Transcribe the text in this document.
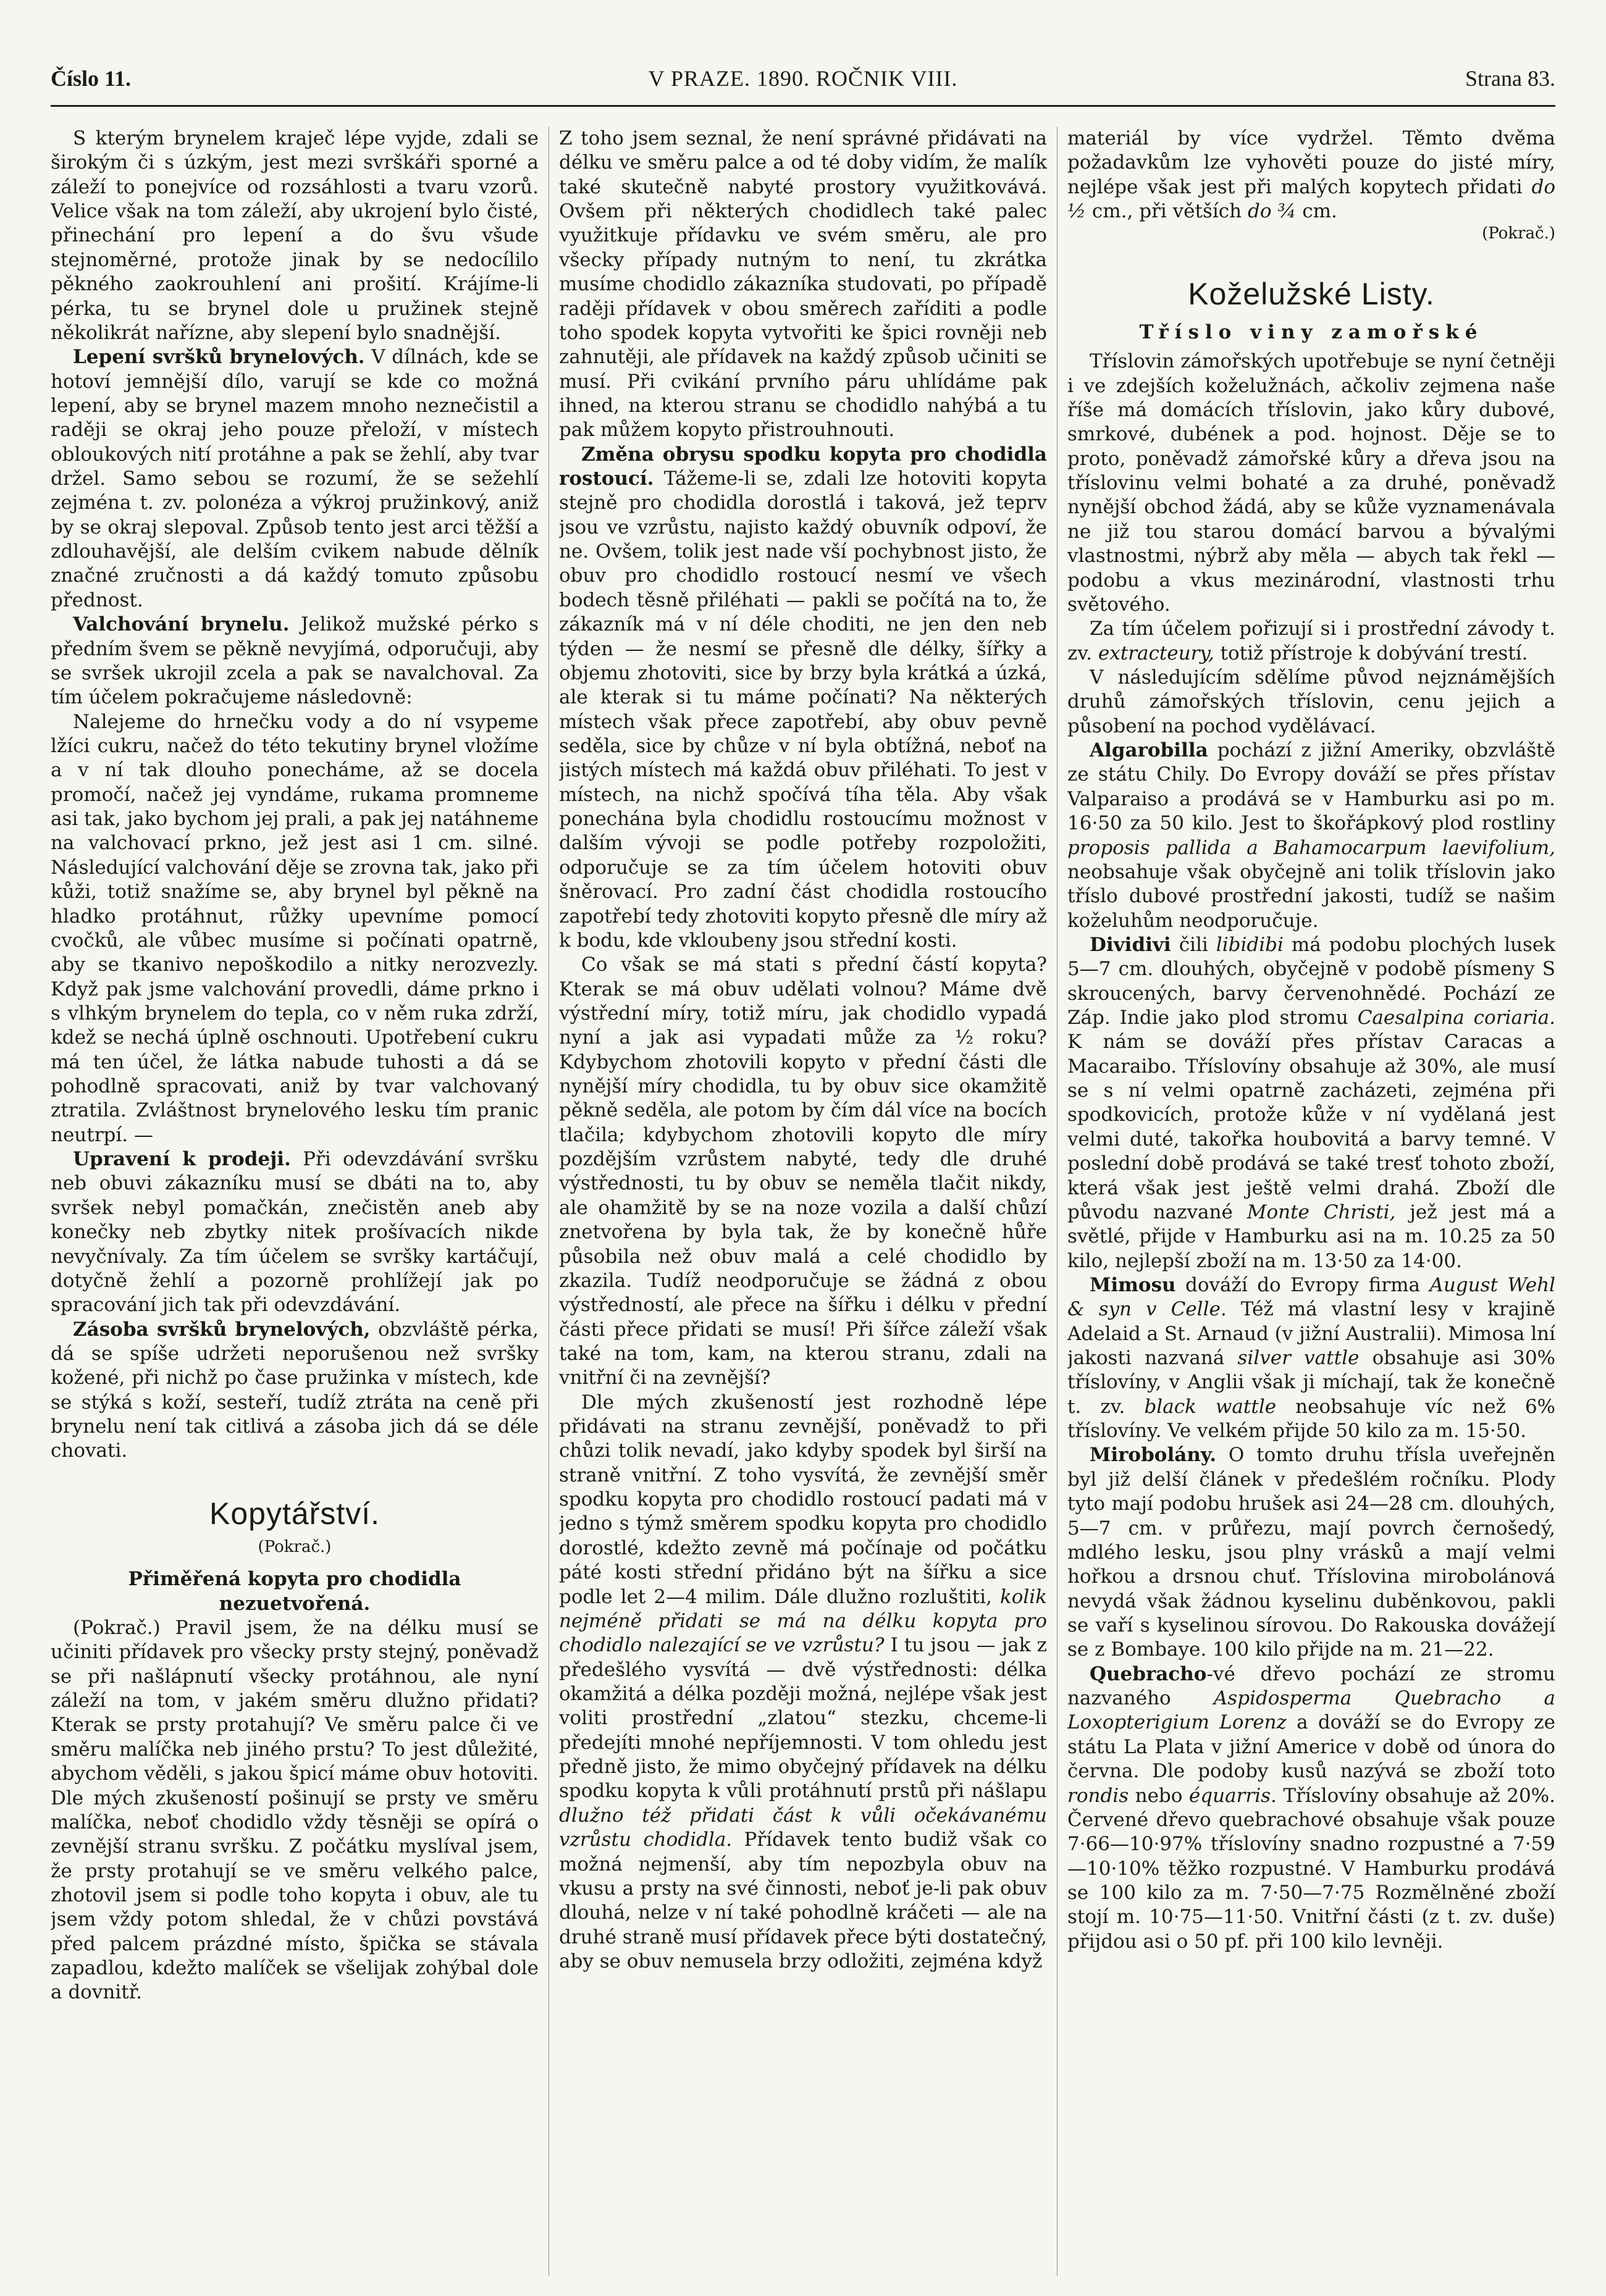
Číslo 11.	V PRAZE. 1890. ROČNIK VIII.	Strana 83.

S kterým brynelem kraječ lépe vyjde, zdali se širokým či s úzkým, jest mezi svrškáři sporné a záleží to ponejvíce od rozsáhlosti a tvaru vzorů. Velice však na tom záleží, aby ukrojení bylo čisté, přinechání pro lepení a do švu všude stejnoměrné, protože jinak by se nedocílilo pěkného zaokrouhlení ani prošití. Krájíme-li pérka, tu se brynel dole u pružinek stejně několikrát nařízne, aby slepení bylo snadnější.

Lepení svršků brynelových. V dílnách, kde se hotoví jemnější dílo, varují se kde co možná lepení, aby se brynel mazem mnoho neznečistil a raději se okraj jeho pouze přeloží, v místech obloukových nití protáhne a pak se žehlí, aby tvar držel. Samo sebou se rozumí, že se sežehlí zejména t. zv. polonéza a výkroj pružinkový, aniž by se okraj slepoval. Způsob tento jest arci těžší a zdlouhavější, ale delším cvikem nabude dělník značné zručnosti a dá každý tomuto způsobu přednost.

Valchování brynelu. Jelikož mužské pérko s předním švem se pěkně nevyjímá, odporučuji, aby se svršek ukrojil zcela a pak se navalchoval. Za tím účelem pokračujeme následovně:

Nalejeme do hrnečku vody a do ní vsypeme lžíci cukru, načež do této tekutiny brynel vložíme a v ní tak dlouho ponecháme, až se docela promočí, načež jej vyndáme, rukama promneme asi tak, jako bychom jej prali, a pak jej natáhneme na valchovací prkno, jež jest asi 1 cm. silné. Následující valchování děje se zrovna tak, jako při kůži, totiž snažíme se, aby brynel byl pěkně na hladko protáhnut, růžky upevníme pomocí cvočků, ale vůbec musíme si počínati opatrně, aby se tkanivo nepoškodilo a nitky nerozvezly. Když pak jsme valchování provedli, dáme prkno i s vlhkým brynelem do tepla, co v něm ruka zdrží, kdež se nechá úplně oschnouti. Upotřebení cukru má ten účel, že látka nabude tuhosti a dá se pohodlně spracovati, aniž by tvar valchovaný ztratila. Zvláštnost brynelového lesku tím pranic neutrpí. —

Upravení k prodeji. Při odevzdávání svršku neb obuvi zákazníku musí se dbáti na to, aby svršek nebyl pomačkán, znečistěn aneb aby konečky neb zbytky nitek prošívacích nikde nevyčnívaly. Za tím účelem se svršky kartáčují, dotyčně žehlí a pozorně prohlížejí jak po spracování jich tak při odevzdávání.

Zásoba svršků brynelových, obzvláště pérka, dá se spíše udržeti neporušenou než svršky kožené, při nichž po čase pružinka v místech, kde se stýká s koží, sesteří, tudíž ztráta na ceně při brynelu není tak citlivá a zásoba jich dá se déle chovati.

Kopytářství.
(Pokrač.)

Přiměřená kopyta pro chodidla nezuetvořená.

(Pokrač.) Pravil jsem, že na délku musí se učiniti přídavek pro všecky prsty stejný, poněvadž se při našlápnutí všecky protáhnou, ale nyní záleží na tom, v jakém směru dlužno přidati? Kterak se prsty protahují? Ve směru palce či ve směru malíčka neb jiného prstu? To jest důležité, abychom věděli, s jakou špicí máme obuv hotoviti. Dle mých zkušeností pošinují se prsty ve směru malíčka, neboť chodidlo vždy těsněji se opírá o zevnější stranu svršku. Z počátku myslíval jsem, že prsty protahují se ve směru velkého palce, zhotovil jsem si podle toho kopyta i obuv, ale tu jsem vždy potom shledal, že v chůzi povstává před palcem prázdné místo, špička se stávala zapadlou, kdežto malíček se všelijak zohýbal dole a dovnitř.

Z toho jsem seznal, že není správné přidávati na délku ve směru palce a od té doby vidím, že malík také skutečně nabyté prostory využitkovává. Ovšem při některých chodidlech také palec využitkuje přídavku ve svém směru, ale pro všecky případy nutným to není, tu zkrátka musíme chodidlo zákazníka studovati, po případě raději přídavek v obou směrech zaříditi a podle toho spodek kopyta vytvořiti ke špici rovněji neb zahnutěji, ale přídavek na každý způsob učiniti se musí. Při cvikání prvního páru uhlídáme pak ihned, na kterou stranu se chodidlo nahýbá a tu pak můžem kopyto přistrouhnouti.

Změna obrysu spodku kopyta pro chodidla rostoucí. Tážeme-li se, zdali lze hotoviti kopyta stejně pro chodidla dorostlá i taková, jež teprv jsou ve vzrůstu, najisto každý obuvník odpoví, že ne. Ovšem, tolik jest nade vší pochybnost jisto, že obuv pro chodidlo rostoucí nesmí ve všech bodech těsně přiléhati — pakli se počítá na to, že zákazník má v ní déle choditi, ne jen den neb týden — že nesmí se přesně dle délky, šířky a objemu zhotoviti, sice by brzy byla krátká a úzká, ale kterak si tu máme počínati? Na některých místech však přece zapotřebí, aby obuv pevně seděla, sice by chůze v ní byla obtížná, neboť na jistých místech má každá obuv přiléhati. To jest v místech, na nichž spočívá tíha těla. Aby však ponechána byla chodidlu rostoucímu možnost v dalším vývoji se podle potřeby rozpoložiti, odporučuje se za tím účelem hotoviti obuv šněrovací. Pro zadní část chodidla rostoucího zapotřebí tedy zhotoviti kopyto přesně dle míry až k bodu, kde vkloubeny jsou střední kosti.

Co však se má stati s přední částí kopyta? Kterak se má obuv udělati volnou? Máme dvě výstřední míry, totiž míru, jak chodidlo vypadá nyní a jak asi vypadati může za ½ roku? Kdybychom zhotovili kopyto v přední části dle nynější míry chodidla, tu by obuv sice okamžitě pěkně seděla, ale potom by čím dál více na bocích tlačila; kdybychom zhotovili kopyto dle míry pozdějším vzrůstem nabyté, tedy dle druhé výstřednosti, tu by obuv se neměla tlačit nikdy, ale ohamžitě by se na noze vozila a další chůzí znetvořena by byla tak, že by konečně hůře působila než obuv malá a celé chodidlo by zkazila. Tudíž neodporučuje se žádná z obou výstředností, ale přece na šířku i délku v přední části přece přidati se musí! Při šířce záleží však také na tom, kam, na kterou stranu, zdali na vnitřní či na zevnější?

Dle mých zkušeností jest rozhodně lépe přidávati na stranu zevnější, poněvadž to při chůzi tolik nevadí, jako kdyby spodek byl širší na straně vnitřní. Z toho vysvítá, že zevnější směr spodku kopyta pro chodidlo rostoucí padati má v jedno s týmž směrem spodku kopyta pro chodidlo dorostlé, kdežto zevně má počínaje od počátku páté kosti střední přidáno být na šířku a sice podle let 2—4 milim. Dále dlužno rozluštiti, kolik nejméně přidati se má na délku kopyta pro chodidlo nalezající se ve vzrůstu? I tu jsou — jak z předešlého vysvítá — dvě výstřednosti: délka okamžitá a délka později možná, nejlépe však jest voliti prostřední „zlatou“ stezku, chceme-li předejíti mnohé nepříjemnosti. V tom ohledu jest předně jisto, že mimo obyčejný přídavek na délku spodku kopyta k vůli protáhnutí prstů při nášlapu dlužno též přidati část k vůli očekávanému vzrůstu chodidla. Přídavek tento budiž však co možná nejmenší, aby tím nepozbyla obuv na vkusu a prsty na své činnosti, neboť je-li pak obuv dlouhá, nelze v ní také pohodlně kráčeti — ale na druhé straně musí přídavek přece býti dostatečný, aby se obuv nemusela brzy odložiti, zejména když

materiál by více vydržel. Těmto dvěma požadavkům lze vyhověti pouze do jisté míry, nejlépe však jest při malých kopytech přidati do ½ cm., při větších do ¾ cm.

(Pokrač.)
Koželužské Listy.
Tříslo viny zamořské

Tříslovin zámořských upotřebuje se nyní četněji i ve zdejších koželužnách, ačkoliv zejmena naše říše má domácích tříslovin, jako kůry dubové, smrkové, dubének a pod. hojnost. Děje se to proto, poněvadž zámořské kůry a dřeva jsou na tříslovinu velmi bohaté a za druhé, poněvadž nynější obchod žádá, aby se kůže vyznamenávala ne již tou starou domácí barvou a bývalými vlastnostmi, nýbrž aby měla — abych tak řekl — podobu a vkus mezinárodní, vlastnosti trhu světového.

Za tím účelem pořizují si i prostřední závody t. zv. extracteury, totiž přístroje k dobývání trestí.

V následujícím sdělíme původ nejznámějších druhů zámořských tříslovin, cenu jejich a působení na pochod vydělávací.

Algarobilla pochází z jižní Ameriky, obzvláště ze státu Chily. Do Evropy dováží se přes přístav Valparaiso a prodává se v Hamburku asi po m. 16·50 za 50 kilo. Jest to škořápkový plod rostliny proposis pallida a Bahamocarpum laevifolium, neobsahuje však obyčejně ani tolik tříslovin jako tříslo dubové prostřední jakosti, tudíž se našim koželuhům neodporučuje.

Dividivi čili libidibi má podobu plochých lusek 5—7 cm. dlouhých, obyčejně v podobě písmeny S skroucených, barvy červenohnědé. Pochází ze Záp. Indie jako plod stromu Caesalpina coriaria. K nám se dováží přes přístav Caracas a Macaraibo. Tříslovíny obsahuje až 30%, ale musí se s ní velmi opatrně zacházeti, zejména při spodkovicích, protože kůže v ní vydělaná jest velmi duté, takořka houbovitá a barvy temné. V poslední době prodává se také tresť tohoto zboží, která však jest ještě velmi drahá. Zboží dle původu nazvané Monte Christi, jež jest má a světlé, přijde v Hamburku asi na m. 10.25 za 50 kilo, nejlepší zboží na m. 13·50 za 14·00.

Mimosu dováží do Evropy firma August Wehl & syn v Celle. Též má vlastní lesy v krajině Adelaid a St. Arnaud (v jižní Australii). Mimosa lní jakosti nazvaná silver vattle obsahuje asi 30% tříslovíny, v Anglii však ji míchají, tak že konečně t. zv. black wattle neobsahuje víc než 6% tříslovíny. Ve velkém přijde 50 kilo za m. 15·50.

Mirobolány. O tomto druhu třísla uveřejněn byl již delší článek v předešlém ročníku. Plody tyto mají podobu hrušek asi 24—28 cm. dlouhých, 5—7 cm. v průřezu, mají povrch černošedý, mdlého lesku, jsou plny vrásků a mají velmi hořkou a drsnou chuť. Tříslovina mirobolánová nevydá však žádnou kyselinu duběnkovou, pakli se vaří s kyselinou sírovou. Do Rakouska dovážejí se z Bombaye. 100 kilo přijde na m. 21—22.

Quebracho-vé dřevo pochází ze stromu nazvaného Aspidosperma Quebracho a Loxopterigium Lorenz a dováží se do Evropy ze státu La Plata v jižní Americe v době od února do června. Dle podoby kusů nazývá se zboží toto rondis nebo équarris. Tříslovíny obsahuje až 20%. Červené dřevo quebrachové obsahuje však pouze 7·66—10·97% tříslovíny snadno rozpustné a 7·59—10·10% těžko rozpustné. V Hamburku prodává se 100 kilo za m. 7·50—7·75 Rozmělněné zboží stojí m. 10·75—11·50. Vnitřní části (z t. zv. duše) přijdou asi o 50 pf. při 100 kilo levněji.
